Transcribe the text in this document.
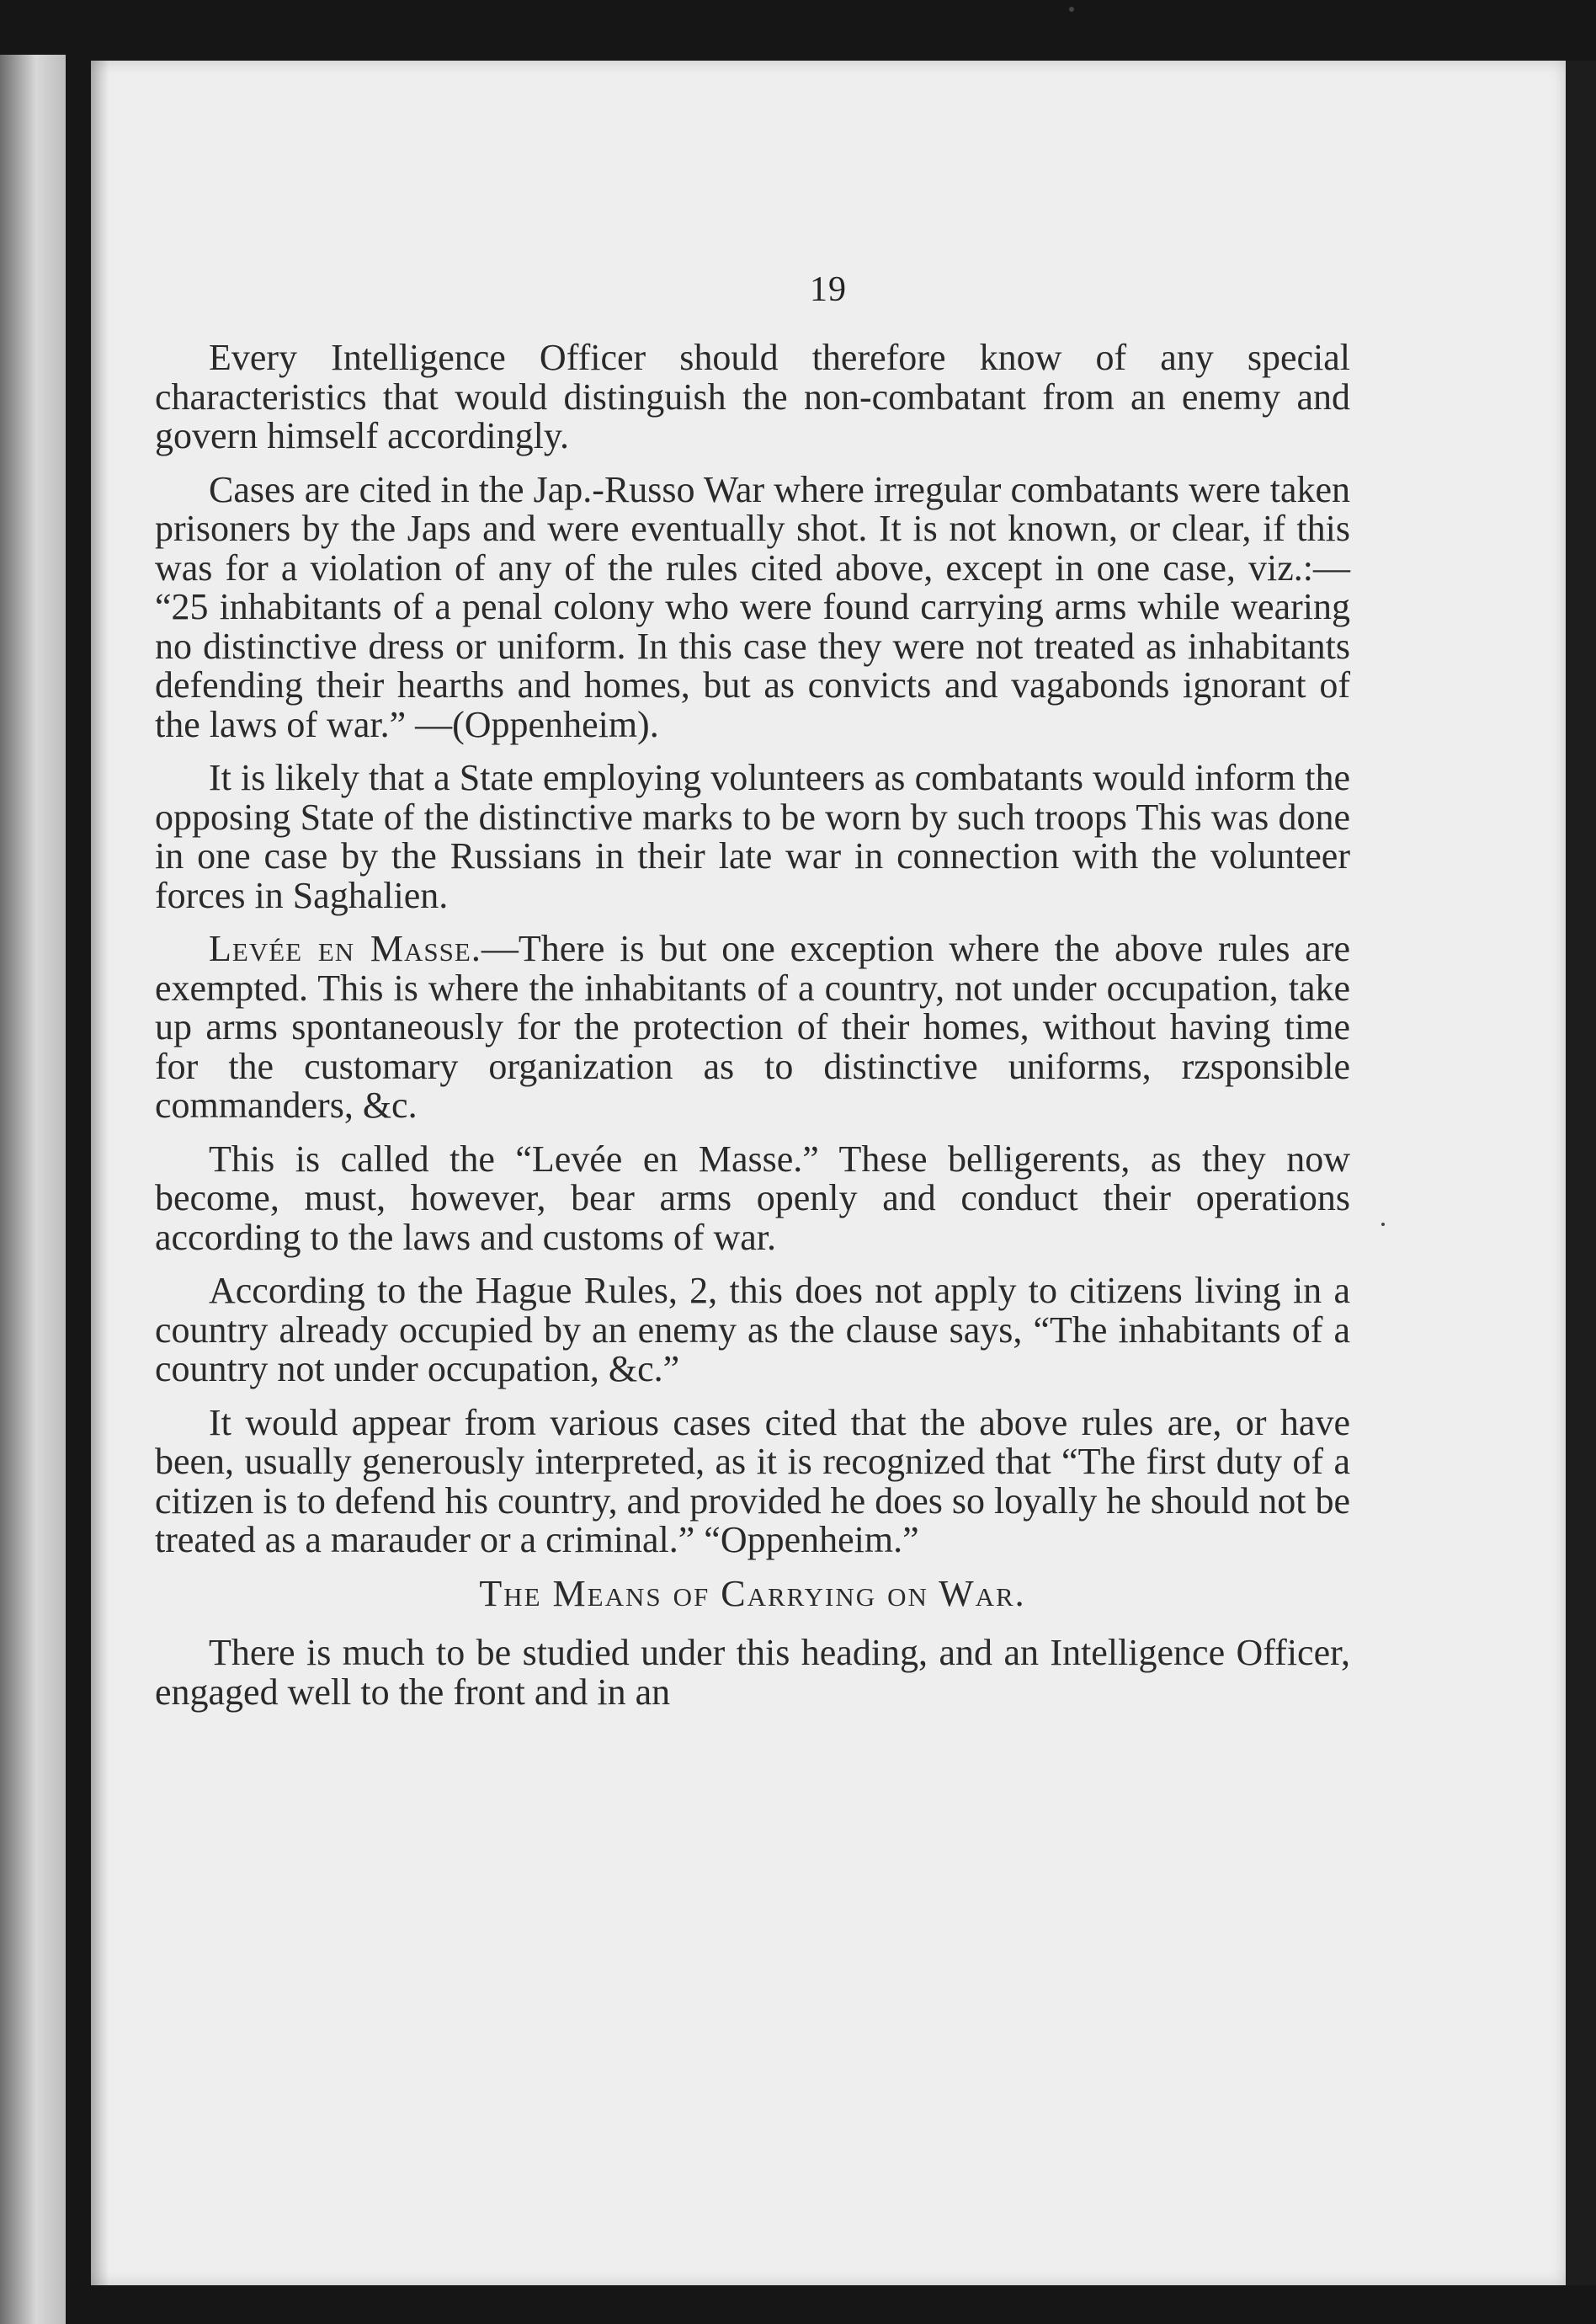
19

Every Intelligence Officer should therefore know of any special characteristics that would distinguish the non-combatant from an enemy and govern himself accordingly.

Cases are cited in the Jap.-Russo War where irregular combatants were taken prisoners by the Japs and were eventually shot. It is not known, or clear, if this was for a violation of any of the rules cited above, except in one case, viz.:— “25 inhabitants of a penal colony who were found carrying arms while wearing no distinctive dress or uniform. In this case they were not treated as inhabitants defending their hearths and homes, but as convicts and vagabonds ignorant of the laws of war.” —(Oppenheim).

It is likely that a State employing volunteers as combatants would inform the opposing State of the distinctive marks to be worn by such troops This was done in one case by the Russians in their late war in connection with the volunteer forces in Saghalien.

Levée en Masse.—There is but one exception where the above rules are exempted. This is where the inhabitants of a country, not under occupation, take up arms spontaneously for the protection of their homes, without having time for the customary organization as to distinctive uniforms, rzsponsible commanders, &c.

This is called the “Levée en Masse.” These belligerents, as they now become, must, however, bear arms openly and conduct their operations according to the laws and customs of war.

According to the Hague Rules, 2, this does not apply to citizens living in a country already occupied by an enemy as the clause says, “The inhabitants of a country not under occupation, &c.”

It would appear from various cases cited that the above rules are, or have been, usually generously interpreted, as it is recognized that “The first duty of a citizen is to defend his country, and provided he does so loyally he should not be treated as a marauder or a criminal.” “Oppenheim.”

The Means of Carrying on War.

There is much to be studied under this heading, and an Intelligence Officer, engaged well to the front and in an
